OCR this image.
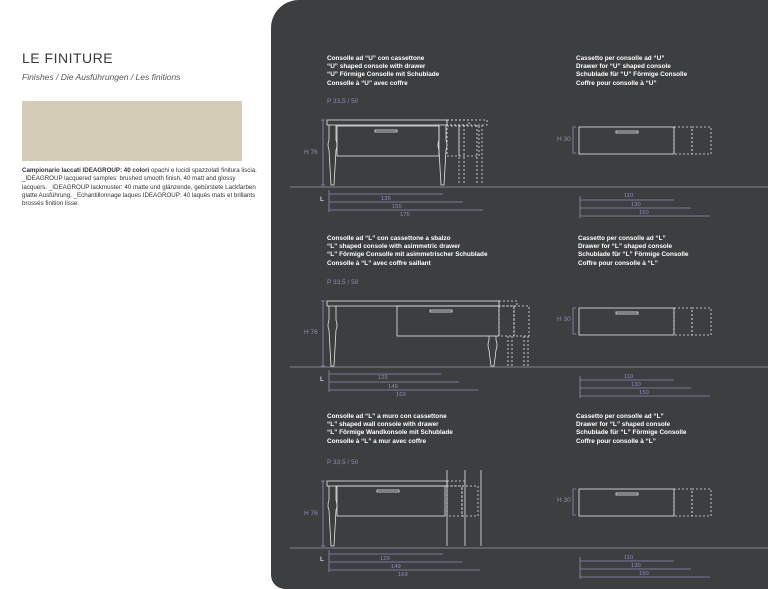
LE FINITURE
Finishes / Die Ausführungen / Les finitions
Campionario laccati IDEAGROUP: 40 colori opachi e lucidi spazzolati finitura liscia. _IDEAGROUP lacquered samples: brushed smooth finish, 40 matt and glossy lacquers. _IDEAGROUP lackmuster: 40 matte und glänzende, gebürstete Lackfarben glatte Ausführung. _Echantillonnage laques IDEAGROUP: 40 laqués mats et brillants brossés finition lisse.
Consolle ad “U” con cassettone
“U” shaped console with drawer
“U” Förmige Consolle mit Schublade
Consolle à “U” avec coffre
P 33,5 / 50
H 76
L	135
155
175
Cassetto per consolle ad “U”
Drawer for “U” shaped console
Schublade für “U” Förmige Consolle
Coffre pour consolle à “U”
H 30
110
130
150
Consolle ad “L” con cassettone a sbalzo
“L” shaped console with asimmetric drawer
“L” Förmige Consolle mit asimmetrischer Schublade
Consolle à “L” avec coffre saillant
P 33,5 / 50
H 76
L	129
149
169
Cassetto per consolle ad “L”
Drawer for “L” shaped console
Schublade für “L” Förmige Consolle
Coffre pour consolle à “L”
H 30
110
130
150
Consolle ad “L” a muro con cassettone
“L” shaped wall console with drawer
“L” Förmige Wandkonsole mit Schublade
Consolle à “L” a mur avec coffre
P 33,5 / 50
H 76
L	129
149
169
Cassetto per consolle ad “L”
Drawer for “L” shaped console
Schublade für “L” Förmige Consolle
Coffre pour consolle à “L”
H 30
110
130
150
